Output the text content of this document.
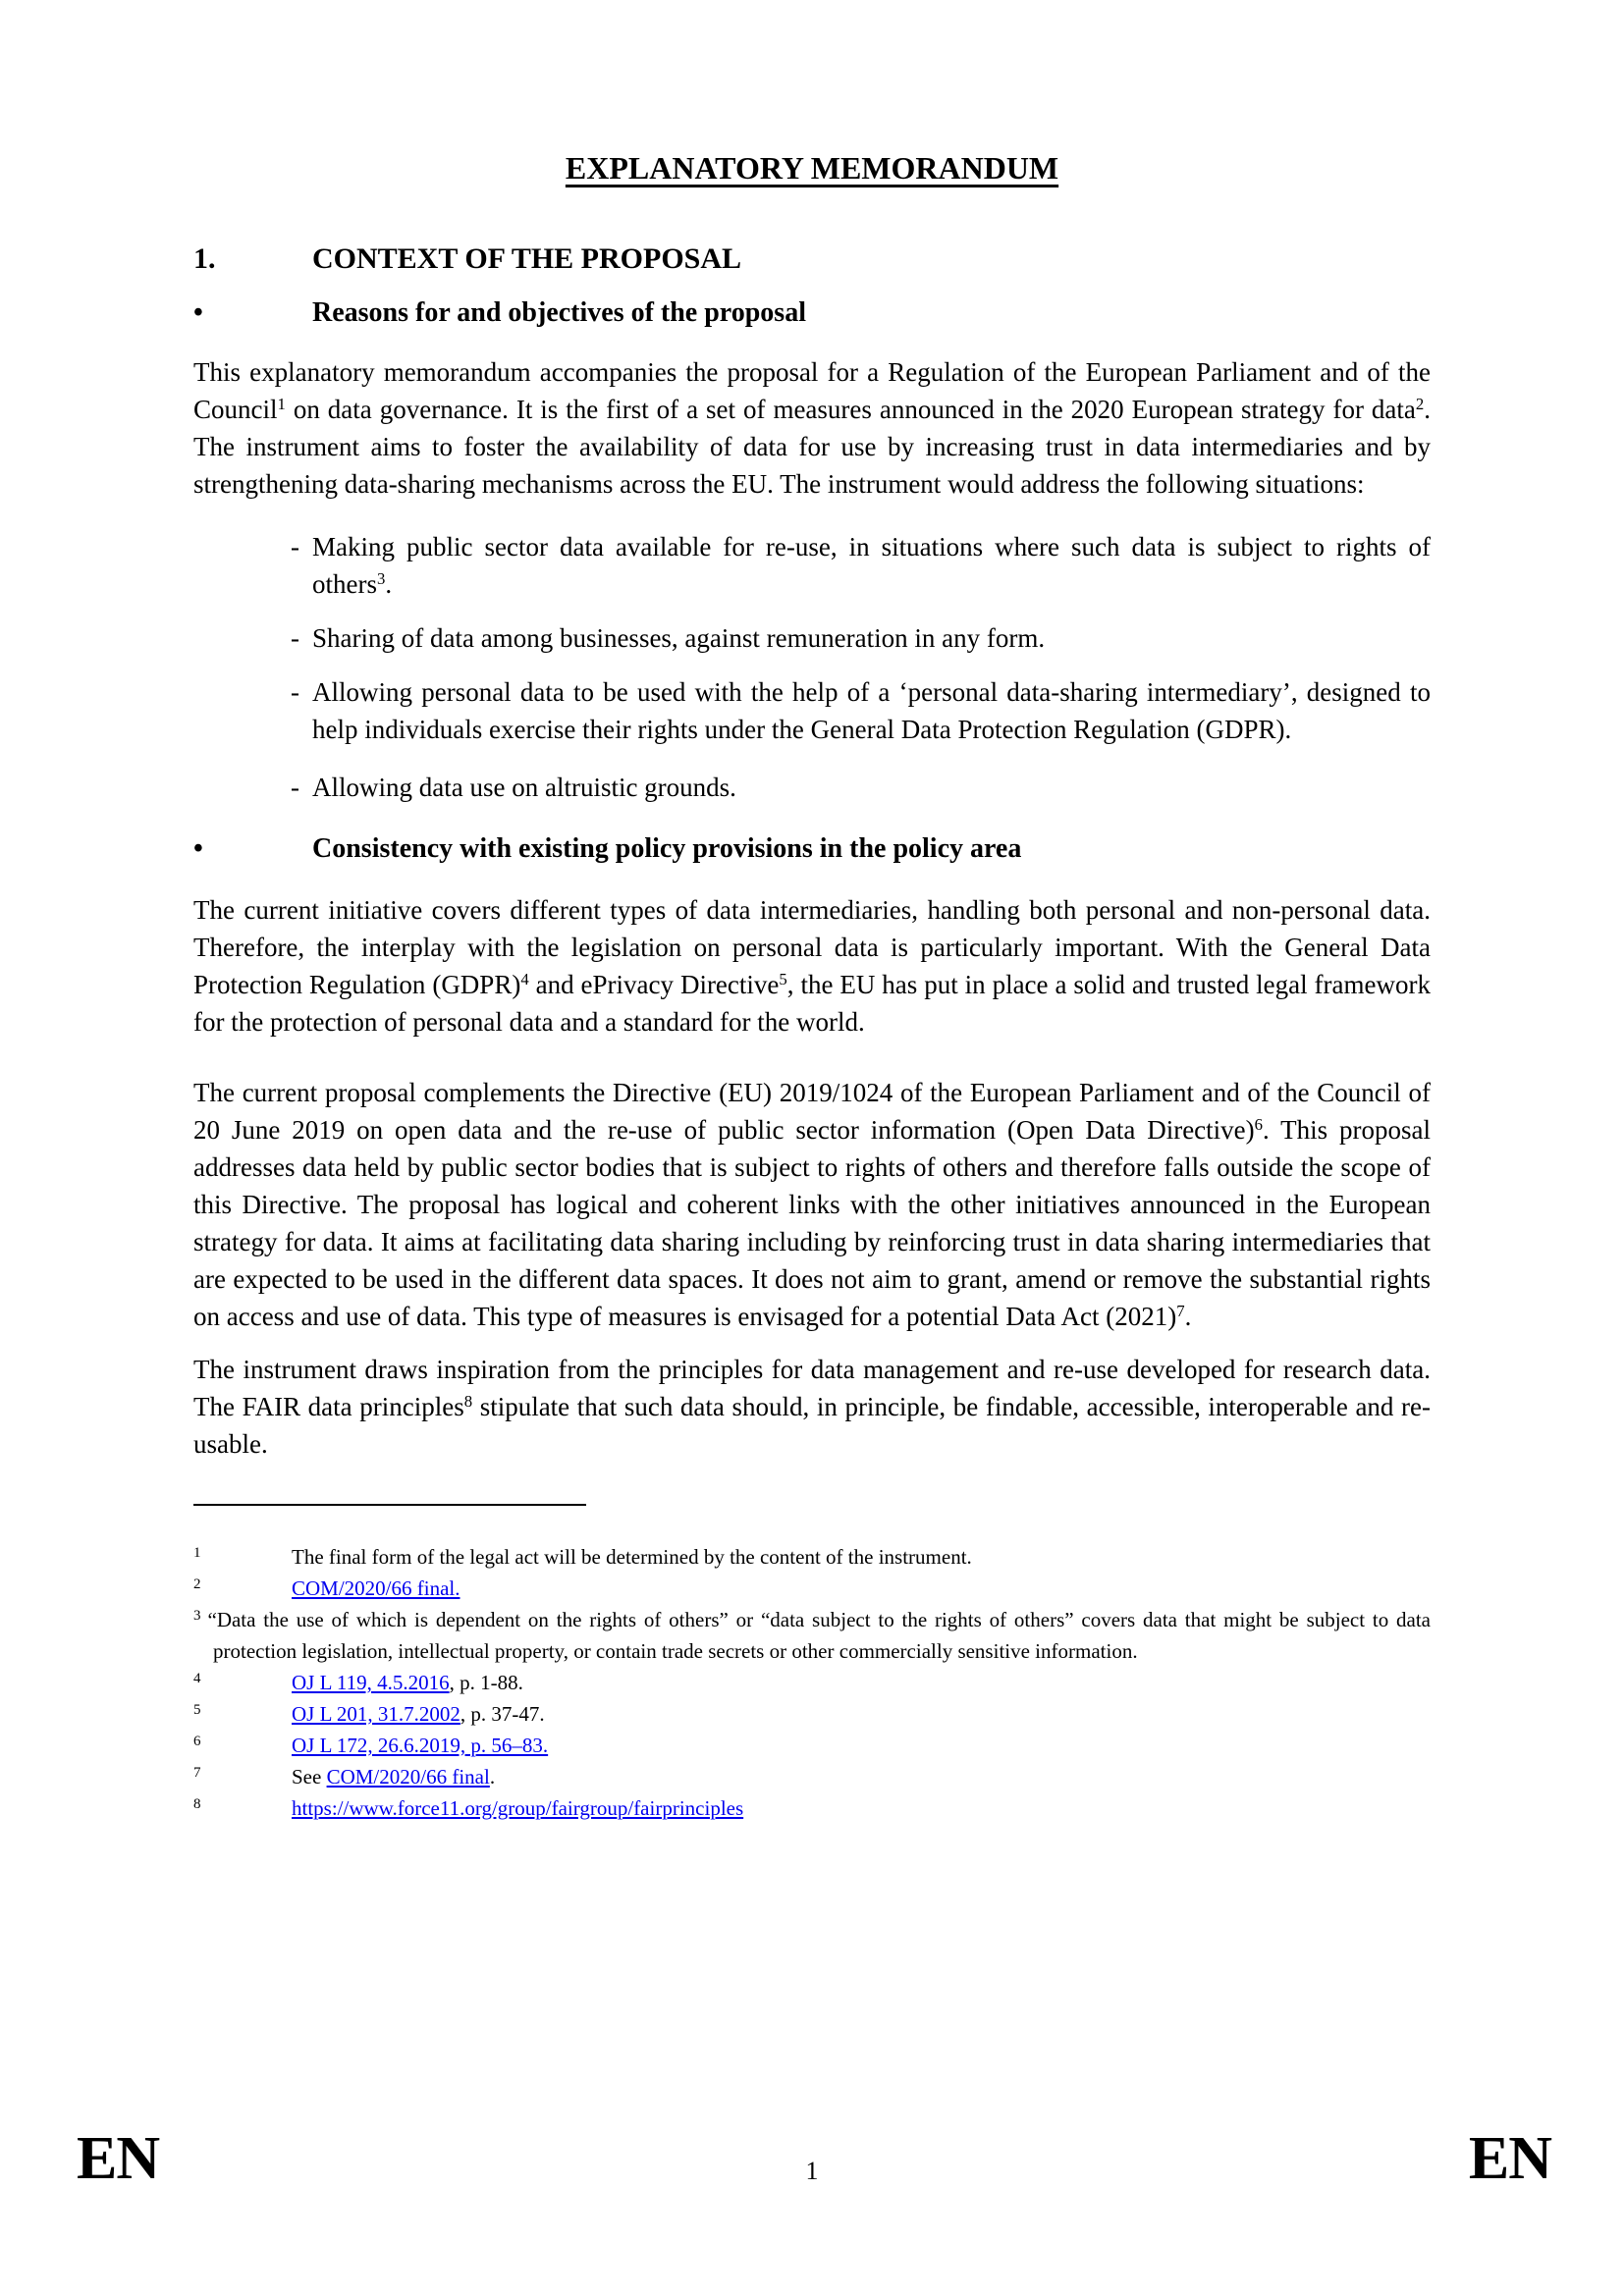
EXPLANATORY MEMORANDUM
1.	CONTEXT OF THE PROPOSAL
•	Reasons for and objectives of the proposal
This explanatory memorandum accompanies the proposal for a Regulation of the European Parliament and of the Council$^1$ on data governance. It is the first of a set of measures announced in the 2020 European strategy for data$^2$. The instrument aims to foster the availability of data for use by increasing trust in data intermediaries and by strengthening data-sharing mechanisms across the EU. The instrument would address the following situations:
- Making public sector data available for re-use, in situations where such data is subject to rights of others$^3$.
- Sharing of data among businesses, against remuneration in any form.
- Allowing personal data to be used with the help of a ‘personal data-sharing intermediary’, designed to help individuals exercise their rights under the General Data Protection Regulation (GDPR).
- Allowing data use on altruistic grounds.
•	Consistency with existing policy provisions in the policy area
The current initiative covers different types of data intermediaries, handling both personal and non-personal data. Therefore, the interplay with the legislation on personal data is particularly important. With the General Data Protection Regulation (GDPR)$^4$ and ePrivacy Directive$^5$, the EU has put in place a solid and trusted legal framework for the protection of personal data and a standard for the world.
The current proposal complements the Directive (EU) 2019/1024 of the European Parliament and of the Council of 20 June 2019 on open data and the re-use of public sector information (Open Data Directive)$^6$. This proposal addresses data held by public sector bodies that is subject to rights of others and therefore falls outside the scope of this Directive. The proposal has logical and coherent links with the other initiatives announced in the European strategy for data. It aims at facilitating data sharing including by reinforcing trust in data sharing intermediaries that are expected to be used in the different data spaces. It does not aim to grant, amend or remove the substantial rights on access and use of data. This type of measures is envisaged for a potential Data Act $(2021)^7$.
The instrument draws inspiration from the principles for data management and re-use developed for research data. The FAIR data principles$^8$ stipulate that such data should, in principle, be findable, accessible, interoperable and re-usable.
1	The final form of the legal act will be determined by the content of the instrument.
2	COM/2020/66 final.
$^3$ “Data the use of which is dependent on the rights of others” or “data subject to the rights of others” covers data that might be subject to data protection legislation, intellectual property, or contain trade secrets or other commercially sensitive information.
4	OJ L 119, 4.5.2016, p. 1-88.
5	OJ L 201, 31.7.2002, p. 37-47.
6	OJ L 172, 26.6.2019, p. 56–83.
7	See COM/2020/66 final.
8	https://www.force11.org/group/fairgroup/fairprinciples
EN	1	EN
